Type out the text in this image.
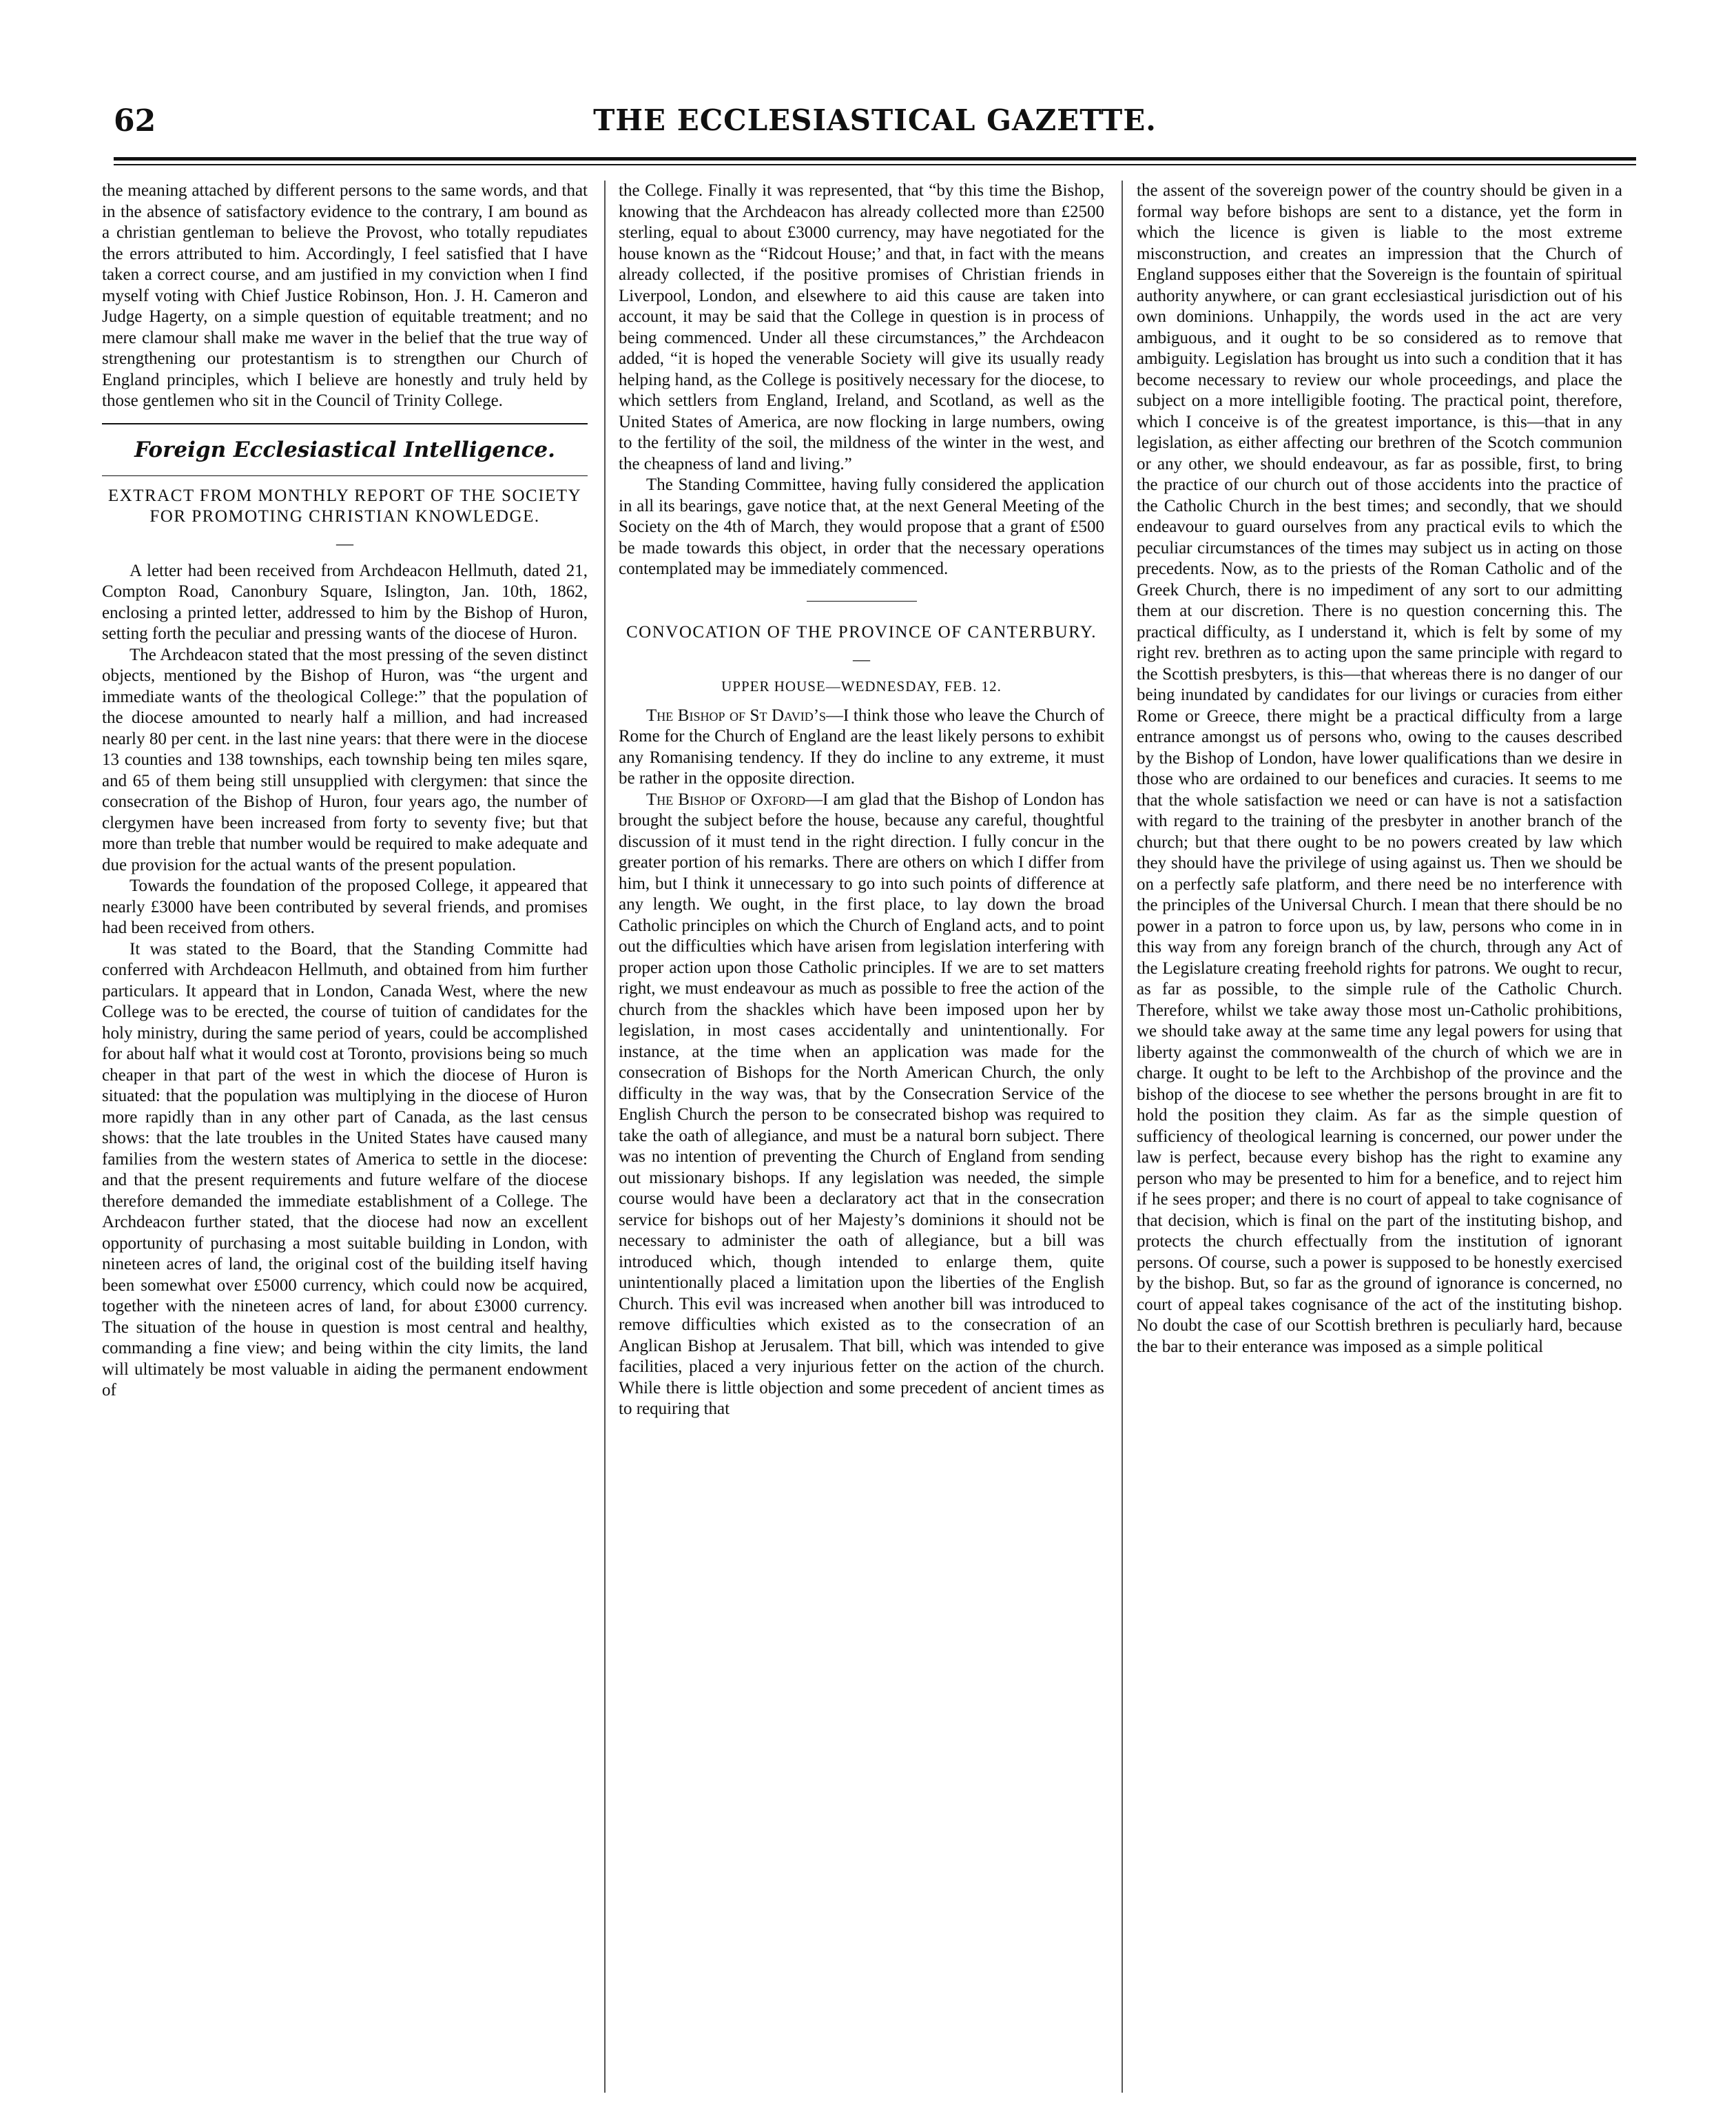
THE ECCLESIASTICAL GAZETTE.
62

the meaning attached by different persons to the same words, and that in the absence of satisfactory evidence to the contrary, I am bound as a christian gentleman to believe the Provost, who totally repudiates the errors attributed to him. Accordingly, I feel satisfied that I have taken a correct course, and am justified in my conviction when I find myself voting with Chief Justice Robinson, Hon. J. H. Cameron and Judge Hagerty, on a simple question of equitable treatment; and no mere clamour shall make me waver in the belief that the true way of strengthening our protestantism is to strengthen our Church of England principles, which I believe are honestly and truly held by those gentlemen who sit in the Council of Trinity College.

Foreign Ecclesiastical Intelligence.
EXTRACT FROM MONTHLY REPORT OF THE SOCIETY FOR PROMOTING CHRISTIAN KNOWLEDGE.
—

A letter had been received from Archdeacon Hellmuth, dated 21, Compton Road, Canonbury Square, Islington, Jan. 10th, 1862, enclosing a printed letter, addressed to him by the Bishop of Huron, setting forth the peculiar and pressing wants of the diocese of Huron.

The Archdeacon stated that the most pressing of the seven distinct objects, mentioned by the Bishop of Huron, was “the urgent and immediate wants of the theological College:” that the population of the diocese amounted to nearly half a million, and had increased nearly 80 per cent. in the last nine years: that there were in the diocese 13 counties and 138 townships, each township being ten miles sqare, and 65 of them being still unsupplied with clergymen: that since the consecration of the Bishop of Huron, four years ago, the number of clergymen have been increased from forty to seventy five; but that more than treble that number would be required to make adequate and due provision for the actual wants of the present population.

Towards the foundation of the proposed College, it appeared that nearly £3000 have been contributed by several friends, and promises had been received from others.

It was stated to the Board, that the Standing Committe had conferred with Archdeacon Hellmuth, and obtained from him further particulars. It appeard that in London, Canada West, where the new College was to be erected, the course of tuition of candidates for the holy ministry, during the same period of years, could be accomplished for about half what it would cost at Toronto, provisions being so much cheaper in that part of the west in which the diocese of Huron is situated: that the population was multiplying in the diocese of Huron more rapidly than in any other part of Canada, as the last census shows: that the late troubles in the United States have caused many families from the western states of America to settle in the diocese: and that the present requirements and future welfare of the diocese therefore demanded the immediate establishment of a College. The Archdeacon further stated, that the diocese had now an excellent opportunity of purchasing a most suitable building in London, with nineteen acres of land, the original cost of the building itself having been somewhat over £5000 currency, which could now be acquired, together with the nineteen acres of land, for about £3000 currency. The situation of the house in question is most central and healthy, commanding a fine view; and being within the city limits, the land will ultimately be most valuable in aiding the permanent endowment of

the College. Finally it was represented, that “by this time the Bishop, knowing that the Archdeacon has already collected more than £2500 sterling, equal to about £3000 currency, may have negotiated for the house known as the “Ridcout House;’ and that, in fact with the means already collected, if the positive promises of Christian friends in Liverpool, London, and elsewhere to aid this cause are taken into account, it may be said that the College in question is in process of being commenced. Under all these circumstances,” the Archdeacon added, “it is hoped the venerable Society will give its usually ready helping hand, as the College is positively necessary for the diocese, to which settlers from England, Ireland, and Scotland, as well as the United States of America, are now flocking in large numbers, owing to the fertility of the soil, the mildness of the winter in the west, and the cheapness of land and living.”

The Standing Committee, having fully considered the application in all its bearings, gave notice that, at the next General Meeting of the Society on the 4th of March, they would propose that a grant of £500 be made towards this object, in order that the necessary operations contemplated may be immediately commenced.

CONVOCATION OF THE PROVINCE OF CANTERBURY.
—
UPPER HOUSE—WEDNESDAY, FEB. 12.

The Bishop of St David’s—I think those who leave the Church of Rome for the Church of England are the least likely persons to exhibit any Romanising tendency. If they do incline to any extreme, it must be rather in the opposite direction.

The Bishop of Oxford—I am glad that the Bishop of London has brought the subject before the house, because any careful, thoughtful discussion of it must tend in the right direction. I fully concur in the greater portion of his remarks. There are others on which I differ from him, but I think it unnecessary to go into such points of difference at any length. We ought, in the first place, to lay down the broad Catholic principles on which the Church of England acts, and to point out the difficulties which have arisen from legislation interfering with proper action upon those Catholic principles. If we are to set matters right, we must endeavour as much as possible to free the action of the church from the shackles which have been imposed upon her by legislation, in most cases accidentally and unintentionally. For instance, at the time when an application was made for the consecration of Bishops for the North American Church, the only difficulty in the way was, that by the Consecration Service of the English Church the person to be consecrated bishop was required to take the oath of allegiance, and must be a natural born subject. There was no intention of preventing the Church of England from sending out missionary bishops. If any legislation was needed, the simple course would have been a declaratory act that in the consecration service for bishops out of her Majesty’s dominions it should not be necessary to administer the oath of allegiance, but a bill was introduced which, though intended to enlarge them, quite unintentionally placed a limitation upon the liberties of the English Church. This evil was increased when another bill was introduced to remove difficulties which existed as to the consecration of an Anglican Bishop at Jerusalem. That bill, which was intended to give facilities, placed a very injurious fetter on the action of the church. While there is little objection and some precedent of ancient times as to requiring that

the assent of the sovereign power of the country should be given in a formal way before bishops are sent to a distance, yet the form in which the licence is given is liable to the most extreme misconstruction, and creates an impression that the Church of England supposes either that the Sovereign is the fountain of spiritual authority anywhere, or can grant ecclesiastical jurisdiction out of his own dominions. Unhappily, the words used in the act are very ambiguous, and it ought to be so considered as to remove that ambiguity. Legislation has brought us into such a condition that it has become necessary to review our whole proceedings, and place the subject on a more intelligible footing. The practical point, therefore, which I conceive is of the greatest importance, is this—that in any legislation, as either affecting our brethren of the Scotch communion or any other, we should endeavour, as far as possible, first, to bring the practice of our church out of those accidents into the practice of the Catholic Church in the best times; and secondly, that we should endeavour to guard ourselves from any practical evils to which the peculiar circumstances of the times may subject us in acting on those precedents. Now, as to the priests of the Roman Catholic and of the Greek Church, there is no impediment of any sort to our admitting them at our discretion. There is no question concerning this. The practical difficulty, as I understand it, which is felt by some of my right rev. brethren as to acting upon the same principle with regard to the Scottish presbyters, is this—that whereas there is no danger of our being inundated by candidates for our livings or curacies from either Rome or Greece, there might be a practical difficulty from a large entrance amongst us of persons who, owing to the causes described by the Bishop of London, have lower qualifications than we desire in those who are ordained to our benefices and curacies. It seems to me that the whole satisfaction we need or can have is not a satisfaction with regard to the training of the presbyter in another branch of the church; but that there ought to be no powers created by law which they should have the privilege of using against us. Then we should be on a perfectly safe platform, and there need be no interference with the principles of the Universal Church. I mean that there should be no power in a patron to force upon us, by law, persons who come in in this way from any foreign branch of the church, through any Act of the Legislature creating freehold rights for patrons. We ought to recur, as far as possible, to the simple rule of the Catholic Church. Therefore, whilst we take away those most un-Catholic prohibitions, we should take away at the same time any legal powers for using that liberty against the commonwealth of the church of which we are in charge. It ought to be left to the Archbishop of the province and the bishop of the diocese to see whether the persons brought in are fit to hold the position they claim. As far as the simple question of sufficiency of theological learning is concerned, our power under the law is perfect, because every bishop has the right to examine any person who may be presented to him for a benefice, and to reject him if he sees proper; and there is no court of appeal to take cognisance of that decision, which is final on the part of the instituting bishop, and protects the church effectually from the institution of ignorant persons. Of course, such a power is supposed to be honestly exercised by the bishop. But, so far as the ground of ignorance is concerned, no court of appeal takes cognisance of the act of the instituting bishop. No doubt the case of our Scottish brethren is peculiarly hard, because the bar to their enterance was imposed as a simple political
